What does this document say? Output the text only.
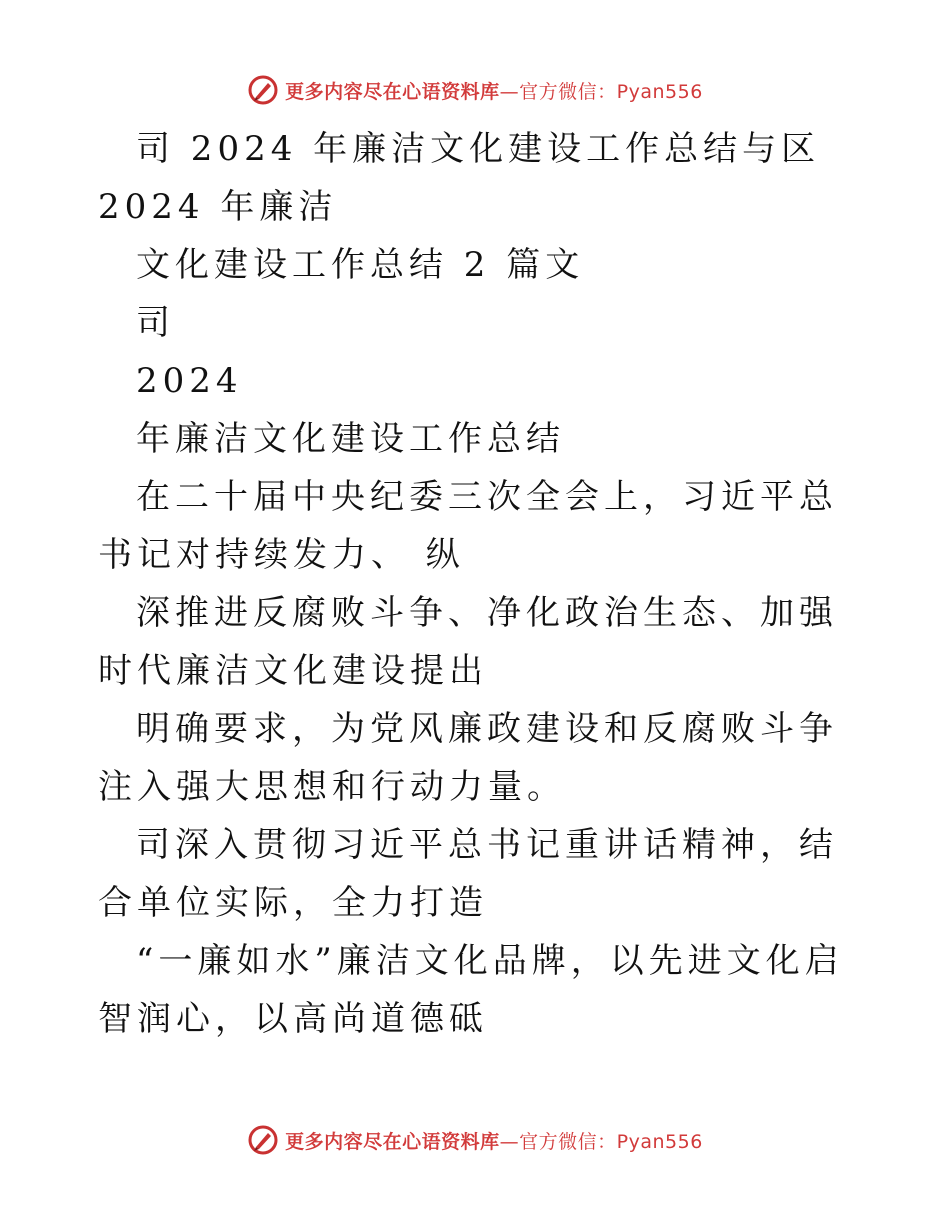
更多内容尽在心语资料库—官方微信：Pyan556

司 2024 年廉洁文化建设工作总结与区 2024 年廉洁

文化建设工作总结 2 篇文

司

2024

年廉洁文化建设工作总结

在二十届中央纪委三次全会上，习近平总书记对持续发力、 纵

深推进反腐败斗争、净化政治生态、加强时代廉洁文化建设提出

明确要求，为党风廉政建设和反腐败斗争注入强大思想和行动力量。

司深入贯彻习近平总书记重讲话精神，结合单位实际，全力打造

“一廉如水”廉洁文化品牌，以先进文化启智润心，以高尚道德砥

更多内容尽在心语资料库—官方微信：Pyan556
